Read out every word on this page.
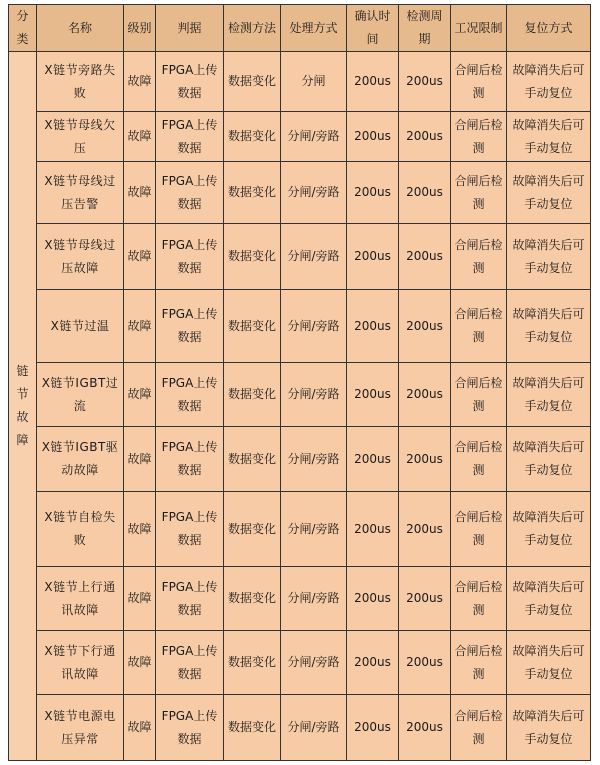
分类	名称	级别	判据	检测方法	处理方式	确认时间	检测周期	工况限制	复位方式
链节故障	X链节旁路失败	故障	FPGA上传数据	数据变化	分闸	200us	200us	合闸后检测	故障消失后可手动复位
	X链节母线欠压	故障	FPGA上传数据	数据变化	分闸/旁路	200us	200us	合闸后检测	故障消失后可手动复位
	X链节母线过压告警	故障	FPGA上传数据	数据变化	分闸/旁路	200us	200us	合闸后检测	故障消失后可手动复位
	X链节母线过压故障	故障	FPGA上传数据	数据变化	分闸/旁路	200us	200us	合闸后检测	故障消失后可手动复位
	X链节过温	故障	FPGA上传数据	数据变化	分闸/旁路	200us	200us	合闸后检测	故障消失后可手动复位
	X链节IGBT过流	故障	FPGA上传数据	数据变化	分闸/旁路	200us	200us	合闸后检测	故障消失后可手动复位
	X链节IGBT驱动故障	故障	FPGA上传数据	数据变化	分闸/旁路	200us	200us	合闸后检测	故障消失后可手动复位
	X链节自检失败	故障	FPGA上传数据	数据变化	分闸/旁路	200us	200us	合闸后检测	故障消失后可手动复位
	X链节上行通讯故障	故障	FPGA上传数据	数据变化	分闸/旁路	200us	200us	合闸后检测	故障消失后可手动复位
	X链节下行通讯故障	故障	FPGA上传数据	数据变化	分闸/旁路	200us	200us	合闸后检测	故障消失后可手动复位
	X链节电源电压异常	故障	FPGA上传数据	数据变化	分闸/旁路	200us	200us	合闸后检测	故障消失后可手动复位
